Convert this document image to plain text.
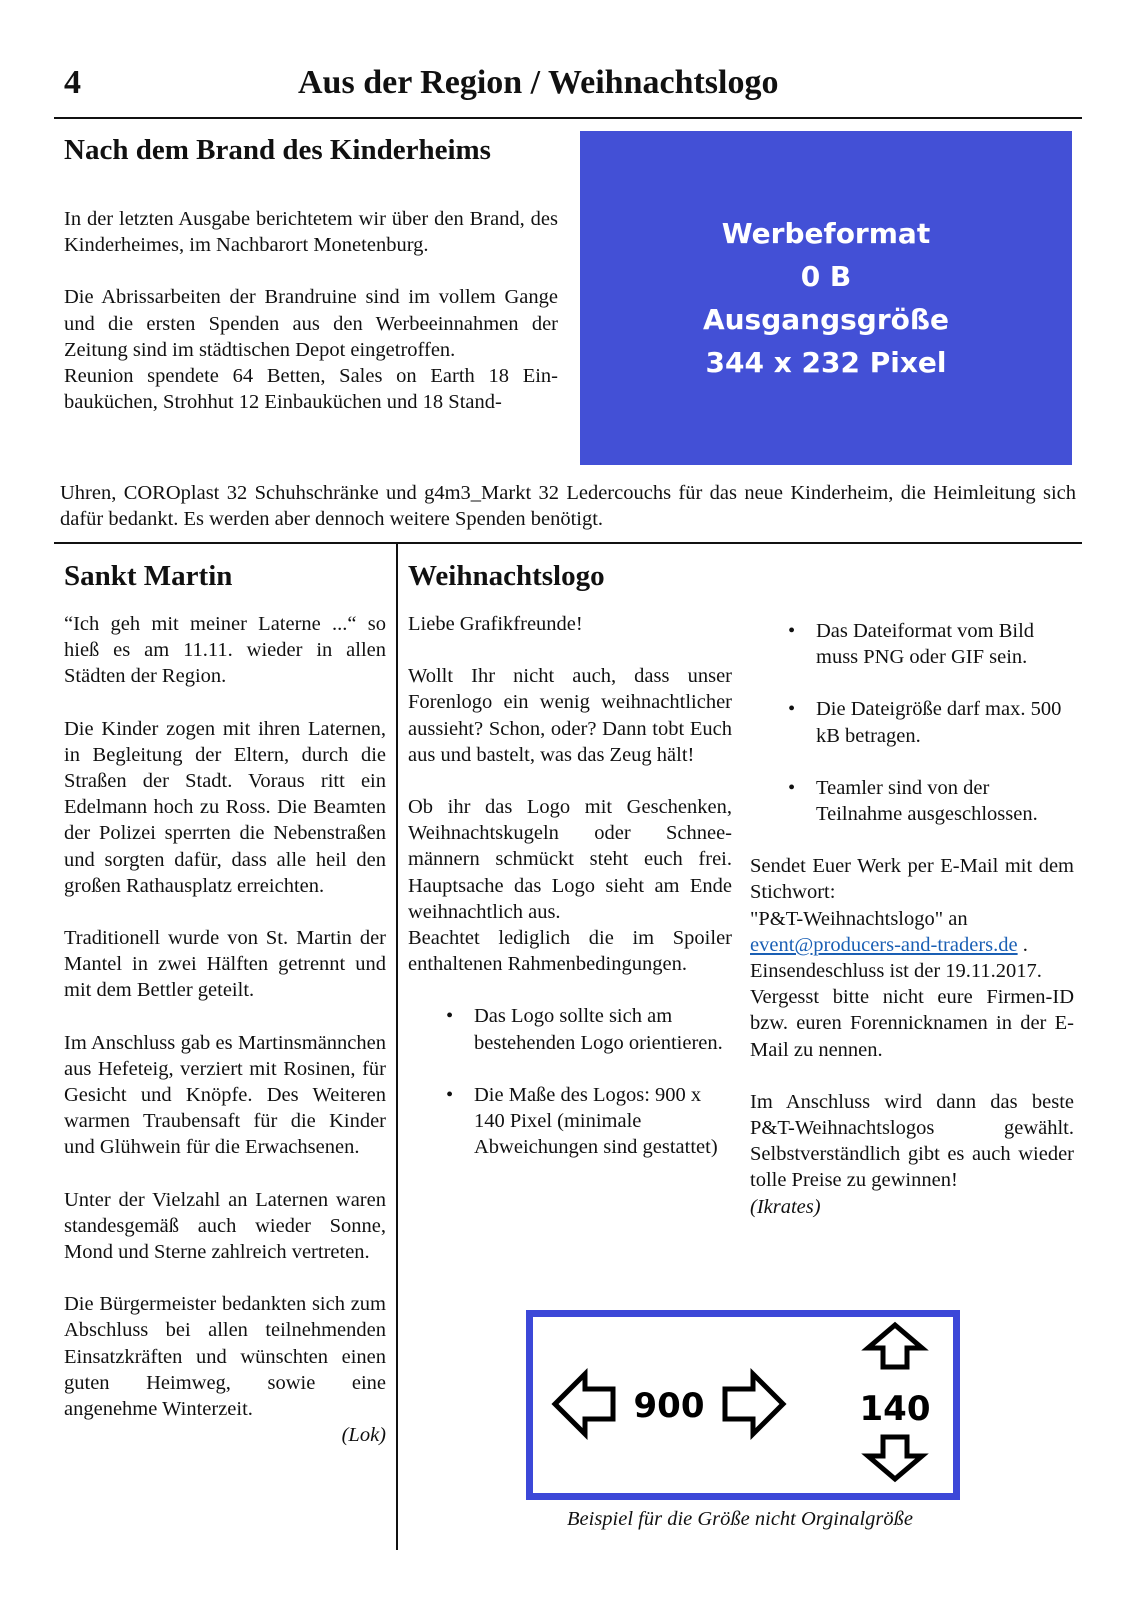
4	Aus der Region / Weihnachtslogo
Nach dem Brand des Kinderheims

In der letzten Ausgabe berichtetem wir über den Brand, des Kinderheimes, im Nachbarort Monetenburg.

Die Abrissarbeiten der Brandruine sind im vollem Gange und die ersten Spenden aus den Werbeeinnahmen der Zeitung sind im städtischen Depot eingetroffen.

Reunion spendete 64 Betten, Sales on Earth 18 Einbauküchen, Strohhut 12 Einbauküchen und 18 Stand-

Werbeformat
0 B
Ausgangsgröße
344 x 232 Pixel
Uhren, COROplast 32 Schuhschränke und g4m3_Markt 32 Ledercouchs für das neue Kinderheim, die Heimleitung sich dafür bedankt. Es werden aber dennoch weitere Spenden benötigt.
Sankt Martin

“Ich geh mit meiner Laterne ...“ so hieß es am 11.11. wieder in allen Städten der Region.

Die Kinder zogen mit ihren Laternen, in Begleitung der Eltern, durch die Straßen der Stadt. Voraus ritt ein Edelmann hoch zu Ross. Die Beamten der Polizei sperrten die Nebenstraßen und sorgten dafür, dass alle heil den großen Rathausplatz erreichten.

Traditionell wurde von St. Martin der Mantel in zwei Hälften getrennt und mit dem Bettler geteilt.

Im Anschluss gab es Martinsmännchen aus Hefeteig, verziert mit Rosinen, für Gesicht und Knöpfe. Des Weiteren warmen Traubensaft für die Kinder und Glühwein für die Erwachsenen.

Unter der Vielzahl an Laternen waren standesgemäß auch wieder Sonne, Mond und Sterne zahlreich vertreten.

Die Bürgermeister bedankten sich zum Abschluss bei allen teilnehmenden Einsatzkräften und wünschten einen guten Heimweg, sowie eine angenehme Winterzeit.

(Lok)

Weihnachtslogo

Liebe Grafikfreunde!

Wollt Ihr nicht auch, dass unser Forenlogo ein wenig weihnachtlicher aussieht? Schon, oder? Dann tobt Euch aus und bastelt, was das Zeug hält!

Ob ihr das Logo mit Geschenken, Weihnachtskugeln oder Schneemännern schmückt steht euch frei. Hauptsache das Logo sieht am Ende weihnachtlich aus.

Beachtet lediglich die im Spoiler enthaltenen Rahmenbedingungen.

• Das Logo sollte sich am bestehenden Logo orientieren.
• Die Maße des Logos: 900 x 140 Pixel (minimale Abweichungen sind gestattet)
• Das Dateiformat vom Bild muss PNG oder GIF sein.
• Die Dateigröße darf max. 500 kB betragen.
• Teamler sind von der Teilnahme ausgeschlossen.

Sendet Euer Werk per E-Mail mit dem Stichwort:

"P&T-Weihnachtslogo" an

event@producers-and-traders.de .

Einsendeschluss ist der 19.11.2017.

Vergesst bitte nicht eure Firmen-ID bzw. euren Forennicknamen in der E-Mail zu nennen.

Im Anschluss wird dann das beste P&T-Weihnachtslogos gewählt. Selbstverständlich gibt es auch wieder tolle Preise zu gewinnen!

(Ikrates)

900	140
Beispiel für die Größe nicht Orginalgröße
